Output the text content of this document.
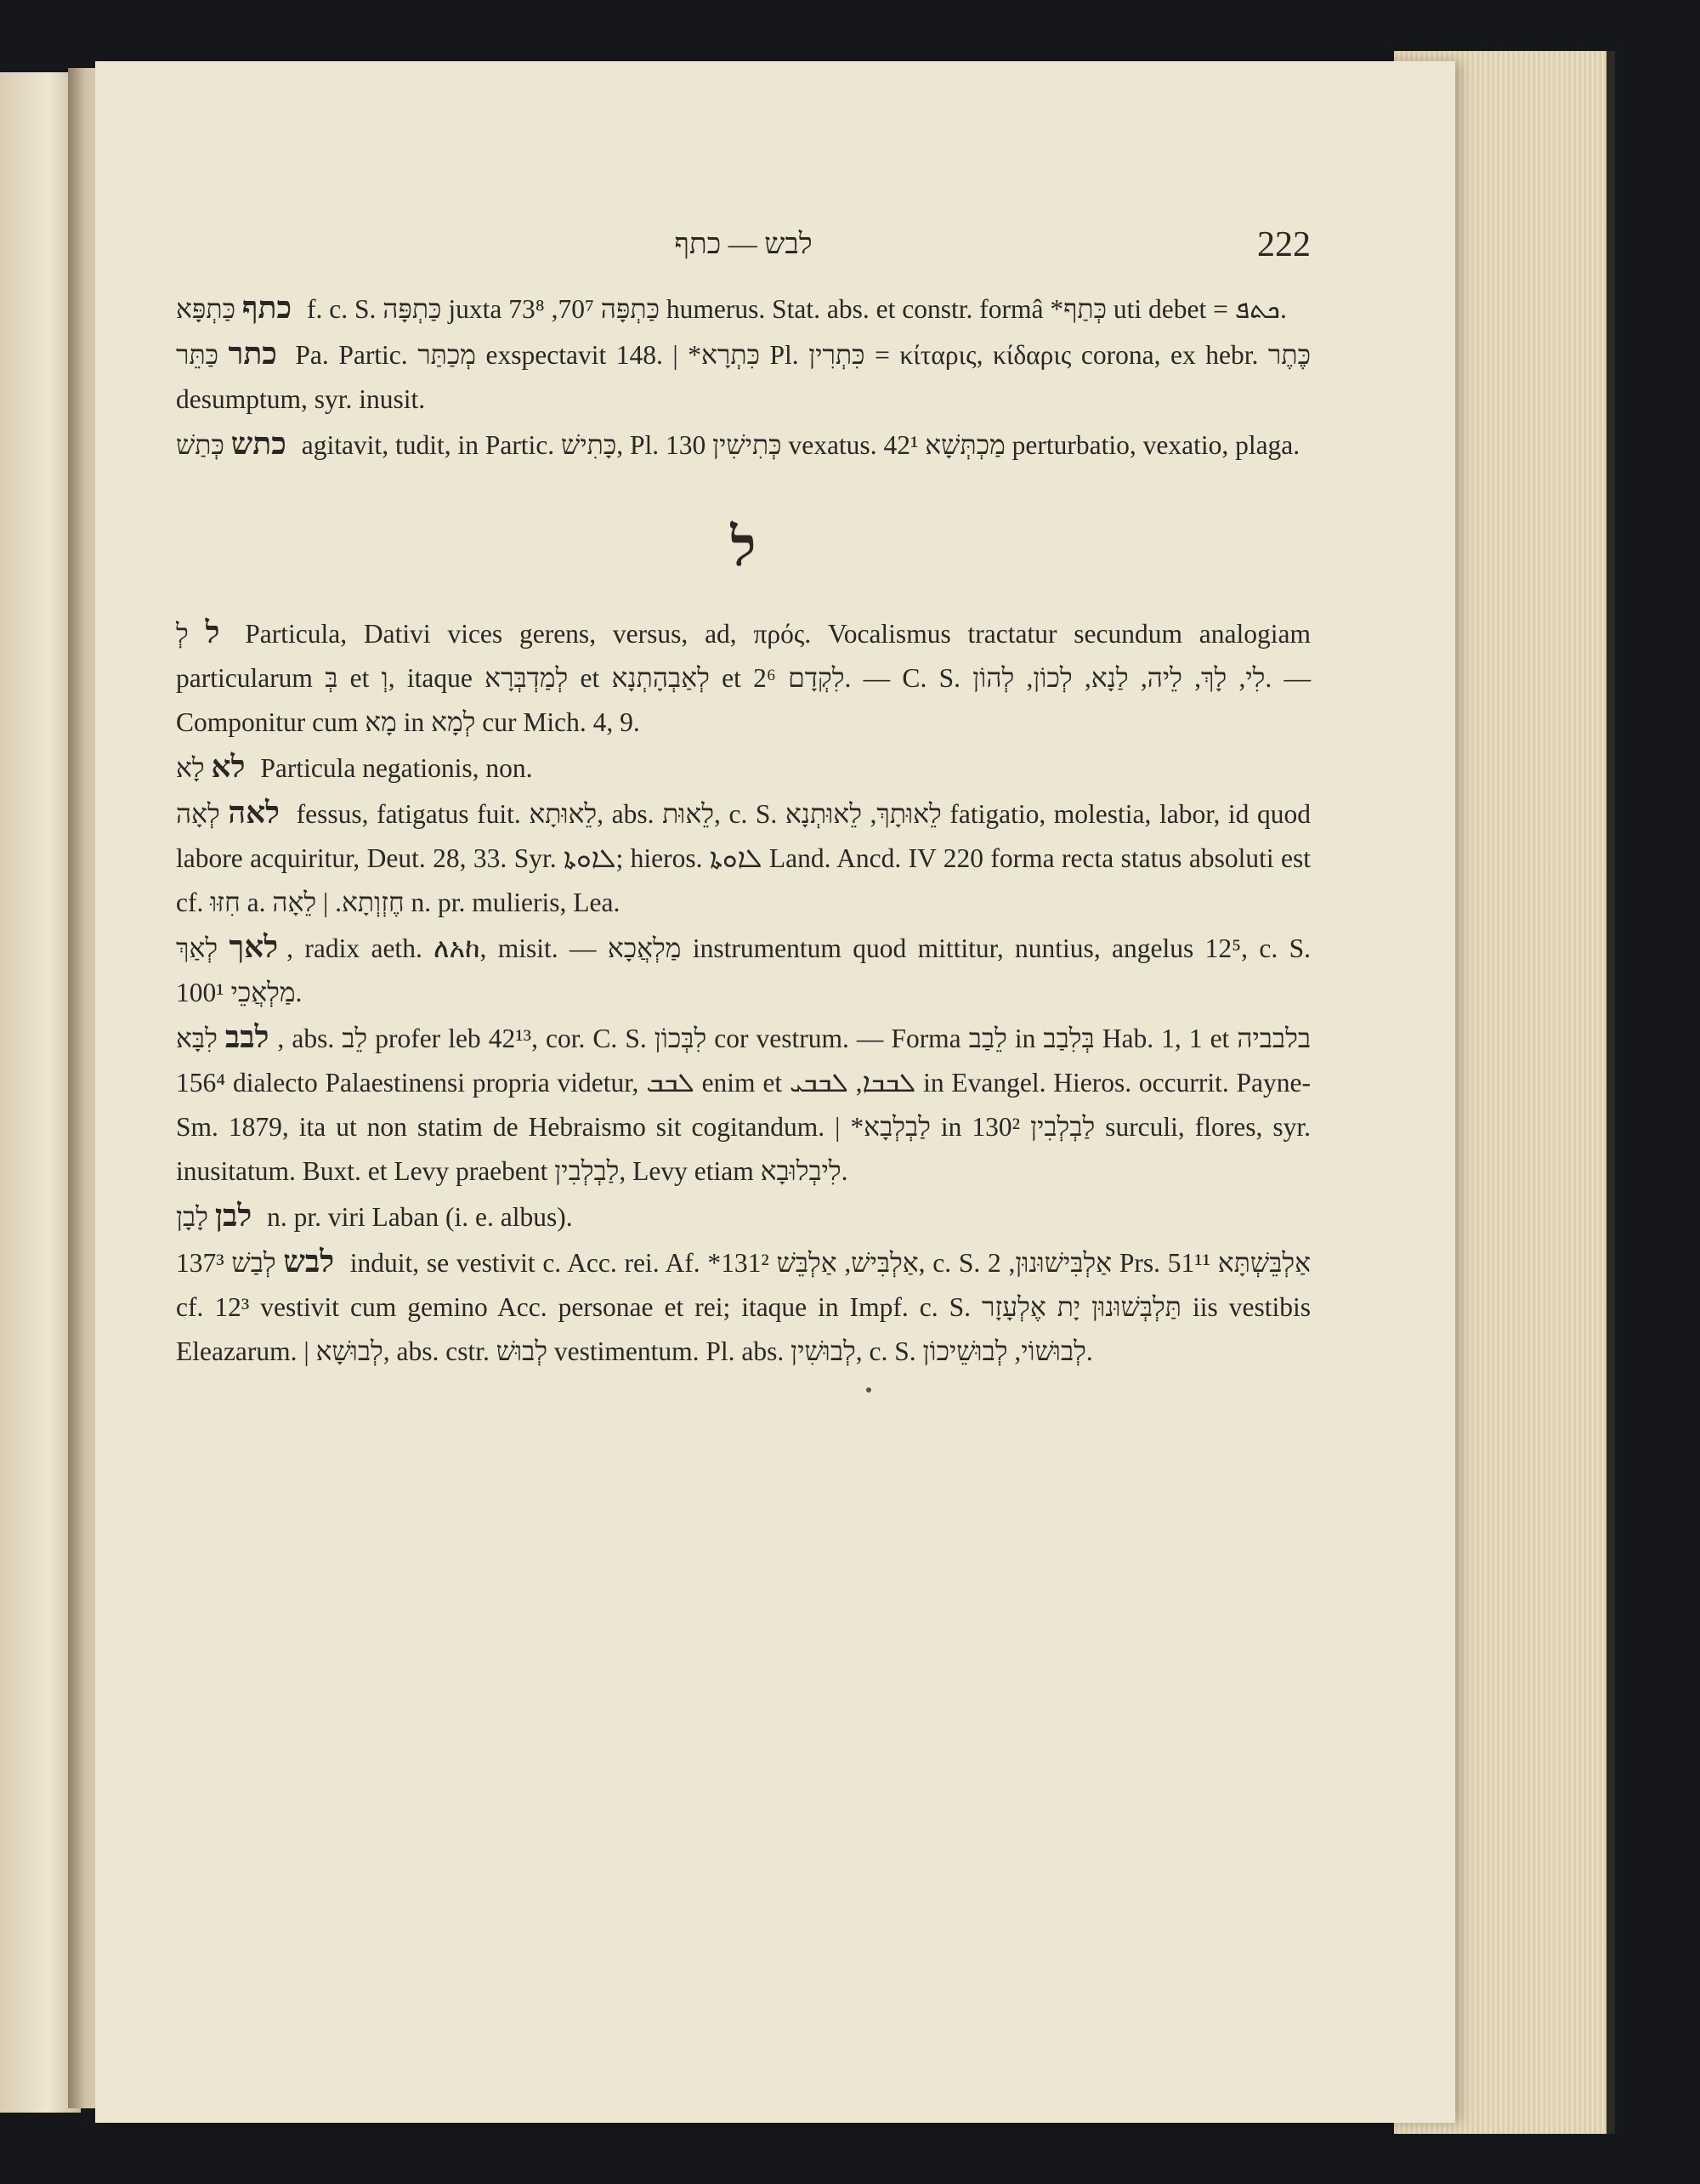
לבש — כתף	222

כתף כַּתְפָּא f. c. S. כַּתְפָּה juxta כַּתְפָּה 70⁷, 73⁸ humerus. Stat. abs. et constr. formâ *כְּתַף uti debet = ܟܬܦ.

כתר כַּתֵּר Pa. Partic. מְכַתַּר exspectavit 148. | *כִּתְרָא Pl. כִּתְרִין = κίταρις, κίδαρις corona, ex hebr. כֶּתֶר desumptum, syr. inusit.

כתש כְּתַשׁ agitavit, tudit, in Partic. כָּתִישׁ, Pl. כְּתִישִׁין 130 vexatus. מַכְתְּשָׁא 42¹ perturbatio, vexatio, plaga.

ל

ל לְ Particula, Dativi vices gerens, versus, ad, πρός. Vocalismus tractatur secundum analogiam particularum בְּ et וְ, itaque לְמַדְבְּרָא et לְאַבְהָתְנָא et לִקְדָם 2⁶. — C. S. לִי, לָךְ, לֵיה, לַנָא, לְכוֹן, לְהוֹן. — Componitur cum מָא in לְמָא cur Mich. 4, 9.

לא לָא Particula negationis, non.

לאה לְאָה fessus, fatigatus fuit. לֵאוּתָא, abs. לֵאוּת, c. S. לֵאוּתָךְ, לֵאוּתְנָא fatigatio, molestia, labor, id quod labore acquiritur, Deut. 28, 33. Syr. ܠܐܘܬܐ; hieros. ܠܐܘܬܐ Land. Ancd. IV 220 forma recta status absoluti est cf. חִזּוּ a. חֶזְוְתָא. | לֵאָה n. pr. mulieris, Lea.

לאך לְאַךְ, radix aeth. ለአከ, misit. — מַלְאֲכָא instrumentum quod mittitur, nuntius, angelus 12⁵, c. S. מַלְאֲכֵי 100¹.

לבב לִבָּא, abs. לֵב profer leb 42¹³, cor. C. S. לִבְּכוֹן cor vestrum. — Forma לֵבַב in בְּלִבַב Hab. 1, 1 et בלבביה 156⁴ dialecto Palaestinensi propria videtur, ܠܒܒ enim et ܠܒܒܐ, ܠܒܒܝ in Evangel. Hieros. occurrit. Payne-Sm. 1879, ita ut non statim de Hebraismo sit cogitandum. | *לַבְלְבָא in לַבְלְבִין 130² surculi, flores, syr. inusitatum. Buxt. et Levy praebent לַבְלְבִין, Levy etiam לִיבְלוּבָא.

לבן לָבָן n. pr. viri Laban (i. e. albus).

לבש לְבַשׁ 137³ induit, se vestivit c. Acc. rei. Af. *אַלְבִּישׁ, אַלְבֵּשׁ 131², c. S. אַלְבִּישׁוּנוּן, 2 Prs. אַלְבֵּשְׁתָּא 51¹¹ cf. 12³ vestivit cum gemino Acc. personae et rei; itaque in Impf. c. S. תַּלְבְּשׁוּנוּן יָת אֶלְעָזָר iis vestibis Eleazarum. | לְבוּשָׁא, abs. cstr. לְבוּשׁ vestimentum. Pl. abs. לְבוּשִׁין, c. S. לְבוּשׁוֹי, לְבוּשֵׁיכוֹן.
